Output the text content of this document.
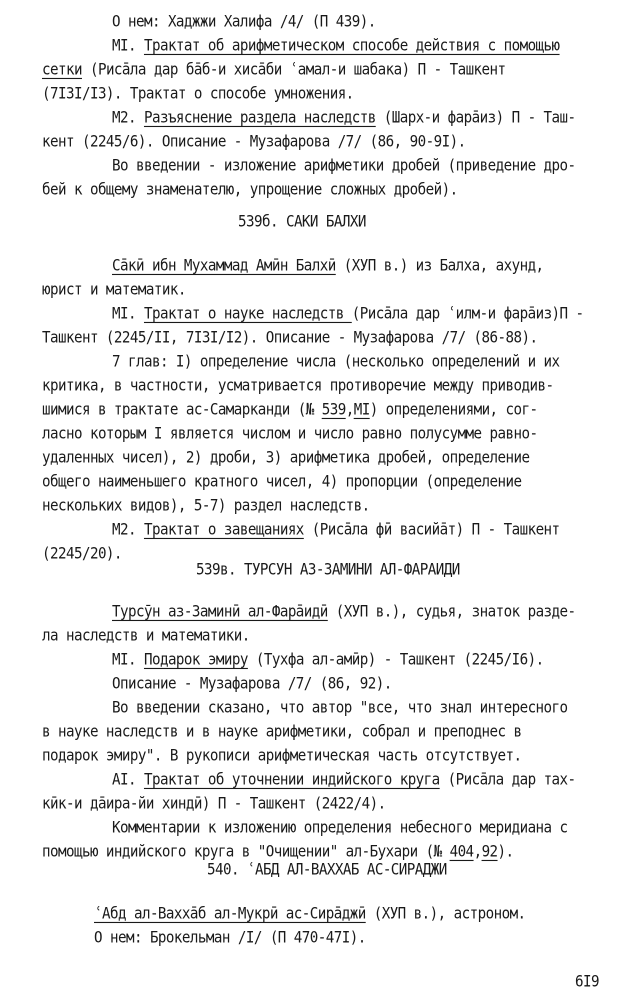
О нем: Хаджжи Халифа /4/ (П 439).
MI. Трактат об арифметическом способе действия с помощью
сетки (Рисāла дар бāб-и хисāби ʿамал-и шабака) П - Ташкент
(7I3I/I3). Трактат о способе умножения.
M2. Разъяснение раздела наследств (Шарх-и фарāиз) П - Таш-
кент (2245/6). Описание - Музафарова /7/ (86, 90-9I).
Во введении - изложение арифметики дробей (приведение дро-
бей к общему знаменателю, упрощение сложных дробей).
539б. САКИ БАЛХИ
Сāкӣ ибн Мухаммад Амӣн Балхӣ (ХУП в.) из Балха, ахунд,
юрист и математик.
MI. Трактат о науке наследств (Рисāла дар ʿилм-и фарāиз)П -
Ташкент (2245/II, 7I3I/I2). Описание - Музафарова /7/ (86-88).
7 глав: I) определение числа (несколько определений и их
критика, в частности, усматривается противоречие между приводив-
шимися в трактате ас-Самарканди (№ 539,MI) определениями, сог-
ласно которым I является числом и число равно полусумме равно-
удаленных чисел), 2) дроби, 3) арифметика дробей, определение
общего наименьшего кратного чисел, 4) пропорции (определение
нескольких видов), 5-7) раздел наследств.
M2. Трактат о завещаниях (Рисāла фӣ васийāт) П - Ташкент
(2245/20).
539в. ТУРСУН АЗ-ЗАМИНИ АЛ-ФАРАИДИ
Турсӯн аз-Заминӣ ал-Фарāидӣ (ХУП в.), судья, знаток разде-
ла наследств и математики.
MI. Подарок эмиру (Тухфа ал-амӣр) - Ташкент (2245/I6).
Описание - Музафарова /7/ (86, 92).
Во введении сказано, что автор "все, что знал интересного
в науке наследств и в науке арифметики, собрал и преподнес в
подарок эмиру". В рукописи арифметическая часть отсутствует.
AI. Трактат об уточнении индийского круга (Рисāла дар тах-
кӣк-и дāира-йи хиндӣ) П - Ташкент (2422/4).
Комментарии к изложению определения небесного меридиана с
помощью индийского круга в "Очищении" ал-Бухари (№ 404,92).
540. ʿАБД АЛ-ВАХХАБ АС-СИРАДЖИ
ʿАбд ал-Ваххāб ал-Мукрӣ ас-Сирāджӣ (ХУП в.), астроном.
О нем: Брокельман /I/ (П 470-47I).
6I9
